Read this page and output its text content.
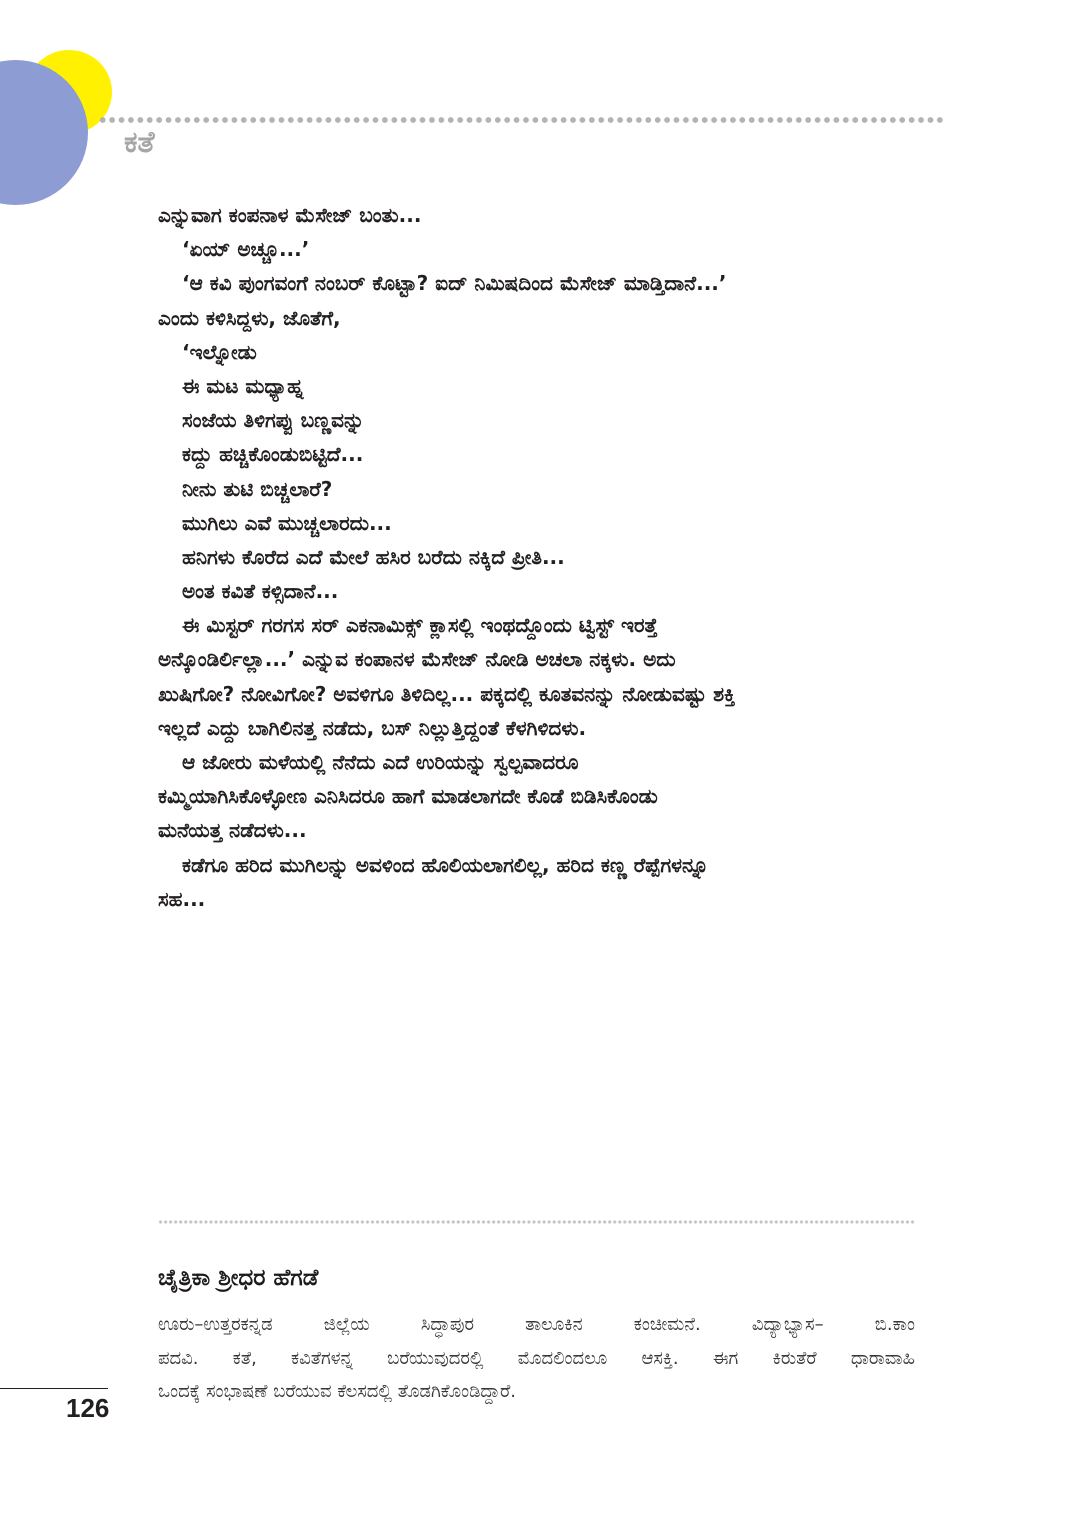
ಕತೆ
ಎನ್ನುವಾಗ ಕಂಪನಾಳ ಮೆಸೇಜ್ ಬಂತು...
‘ಏಯ್ ಅಚ್ಚೂ...’
‘ಆ ಕವಿ ಪುಂಗವಂಗೆ ನಂಬರ್ ಕೊಟ್ಟಾ? ಐದ್ ನಿಮಿಷದಿಂದ ಮೆಸೇಜ್ ಮಾಡ್ತಿದಾನೆ...’
ಎಂದು ಕಳಿಸಿದ್ದಳು, ಜೊತೆಗೆ,
‘ಇಲ್ನೋಡು
ಈ ಮಟ ಮಧ್ಯಾಹ್ನ
ಸಂಜೆಯ ತಿಳಿಗಪ್ಪು ಬಣ್ಣವನ್ನು
ಕದ್ದು ಹಚ್ಚಿಕೊಂಡುಬಿಟ್ಟಿದೆ...
ನೀನು ತುಟಿ ಬಿಚ್ಚಲಾರೆ?
ಮುಗಿಲು ಎವೆ ಮುಚ್ಚಲಾರದು...
ಹನಿಗಳು ಕೊರೆದ ಎದೆ ಮೇಲೆ ಹಸಿರ ಬರೆದು ನಕ್ಕಿದೆ ಪ್ರೀತಿ...
ಅಂತ ಕವಿತೆ ಕಳ್ಸಿದಾನೆ...
ಈ ಮಿಸ್ಟರ್ ಗರಗಸ ಸರ್ ಎಕನಾಮಿಕ್ಸ್ ಕ್ಲಾಸಲ್ಲಿ ಇಂಥದ್ದೊಂದು ಟ್ವಿಸ್ಟ್ ಇರತ್ತೆ
ಅನ್ಕೊಂಡಿರ್ಲಿಲ್ಲಾ...’ ಎನ್ನುವ ಕಂಪಾನಳ ಮೆಸೇಜ್ ನೋಡಿ ಅಚಲಾ ನಕ್ಕಳು. ಅದು
ಖುಷಿಗೋ? ನೋವಿಗೋ? ಅವಳಿಗೂ ತಿಳಿದಿಲ್ಲ... ಪಕ್ಕದಲ್ಲಿ ಕೂತವನನ್ನು ನೋಡುವಷ್ಟು ಶಕ್ತಿ
ಇಲ್ಲದೆ ಎದ್ದು ಬಾಗಿಲಿನತ್ತ ನಡೆದು, ಬಸ್ ನಿಲ್ಲುತ್ತಿದ್ದಂತೆ ಕೆಳಗಿಳಿದಳು.
ಆ ಜೋರು ಮಳೆಯಲ್ಲಿ ನೆನೆದು ಎದೆ ಉರಿಯನ್ನು ಸ್ವಲ್ಪವಾದರೂ
ಕಮ್ಮಿಯಾಗಿಸಿಕೊಳ್ಳೋಣ ಎನಿಸಿದರೂ ಹಾಗೆ ಮಾಡಲಾಗದೇ ಕೊಡೆ ಬಿಡಿಸಿಕೊಂಡು
ಮನೆಯತ್ತ ನಡೆದಳು...
ಕಡೆಗೂ ಹರಿದ ಮುಗಿಲನ್ನು ಅವಳಿಂದ ಹೊಲಿಯಲಾಗಲಿಲ್ಲ, ಹರಿದ ಕಣ್ಣ ರೆಪ್ಪೆಗಳನ್ನೂ
ಸಹ...
ಚೈತ್ರಿಕಾ ಶ್ರೀಧರ ಹೆಗಡೆ
ಊರು–ಉತ್ತರಕನ್ನಡ ಜಿಲ್ಲೆಯ ಸಿದ್ಧಾಪುರ ತಾಲೂಕಿನ ಕಂಚೀಮನೆ. ವಿದ್ಯಾಭ್ಯಾಸ– ಬಿ.ಕಾಂ
ಪದವಿ. ಕತೆ, ಕವಿತೆಗಳನ್ನ ಬರೆಯುವುದರಲ್ಲಿ ಮೊದಲಿಂದಲೂ ಆಸಕ್ತಿ. ಈಗ ಕಿರುತೆರೆ ಧಾರಾವಾಹಿ
ಒಂದಕ್ಕೆ ಸಂಭಾಷಣೆ ಬರೆಯುವ ಕೆಲಸದಲ್ಲಿ ತೊಡಗಿಕೊಂಡಿದ್ದಾರೆ.
126
